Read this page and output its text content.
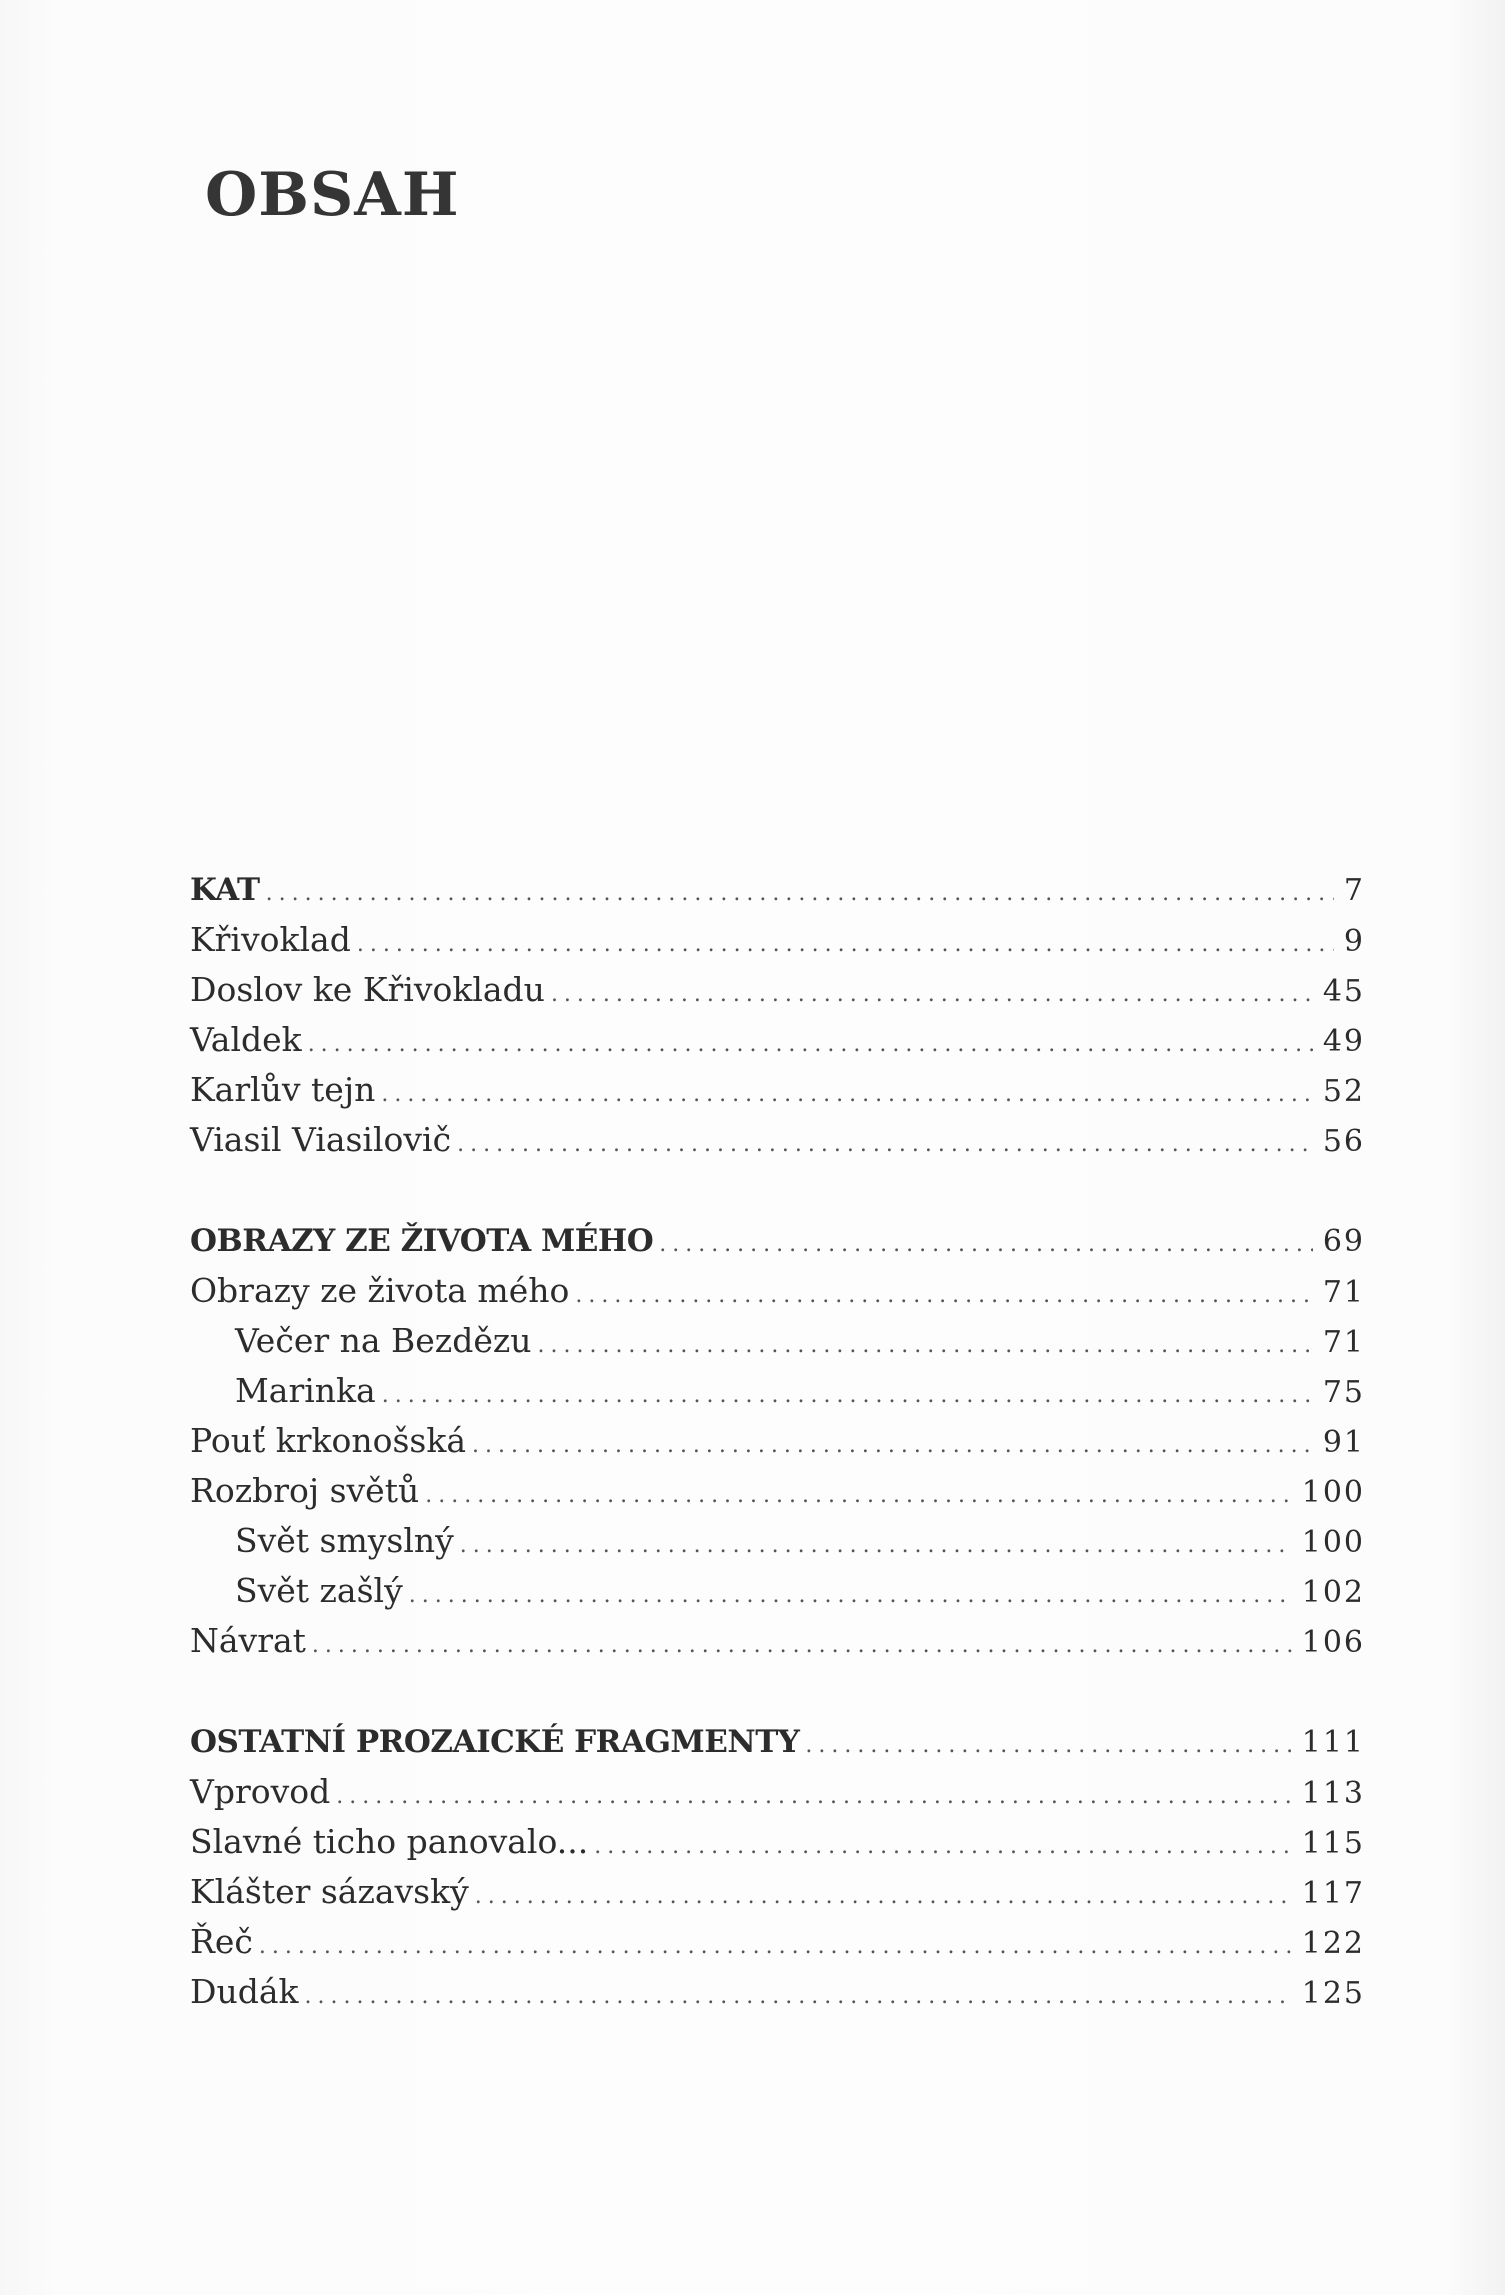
OBSAH
KAT .....	7
Křivoklad .....	9
Doslov ke Křivokladu .....	45
Valdek .....	49
Karlův tejn .....	52
Viasil Viasilovič .....	56
OBRAZY ZE ŽIVOTA MÉHO .....	69
Obrazy ze života mého .....	71
Večer na Bezdězu .....	71
Marinka .....	75
Pouť krkonošská .....	91
Rozbroj světů .....	100
Svět smyslný .....	100
Svět zašlý .....	102
Návrat .....	106
OSTATNÍ PROZAICKÉ FRAGMENTY .....	111
Vprovod .....	113
Slavné ticho panovalo... .....	115
Klášter sázavský .....	117
Řeč .....	122
Dudák .....	125
